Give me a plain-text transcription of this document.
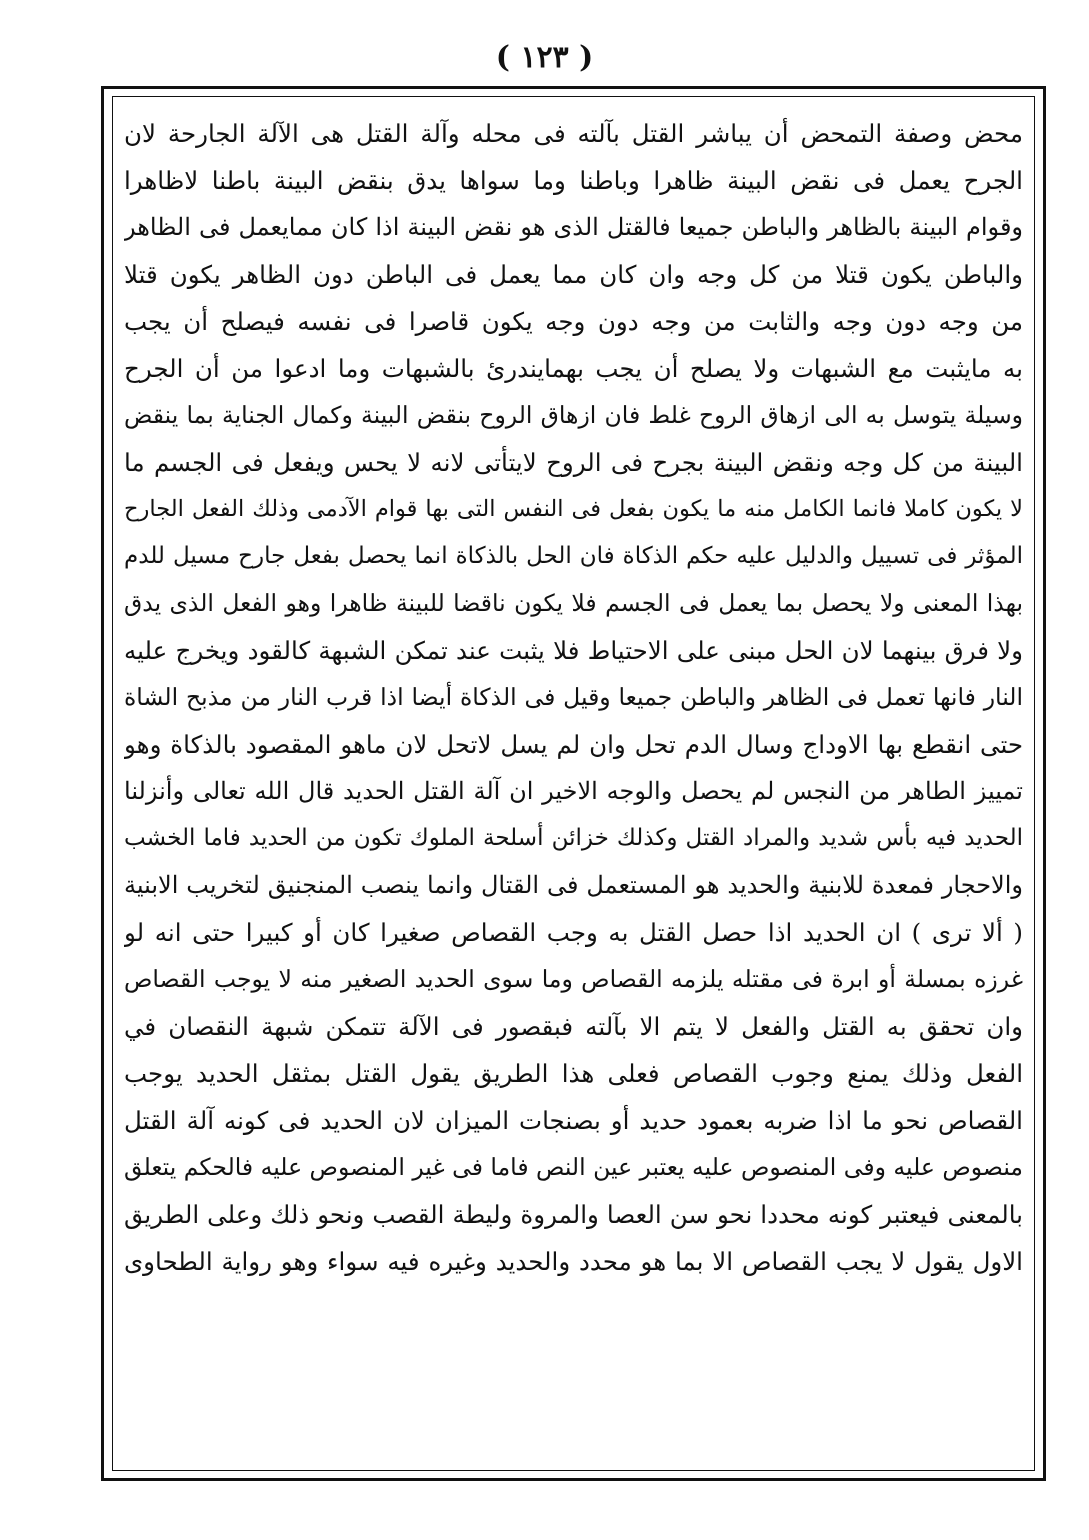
( ١٢٣ )
محض وصفة التمحض أن يباشر القتل بآلته فى محله وآلة القتل هى الآلة الجارحة لان
الجرح يعمل فى نقض البينة ظاهرا وباطنا وما سواها يدق بنقض البينة باطنا لاظاهرا
وقوام البينة بالظاهر والباطن جميعا فالقتل الذى هو نقض البينة اذا كان ممايعمل فى الظاهر
والباطن يكون قتلا من كل وجه وان كان مما يعمل فى الباطن دون الظاهر يكون قتلا
من وجه دون وجه والثابت من وجه دون وجه يكون قاصرا فى نفسه فيصلح أن يجب
به مايثبت مع الشبهات ولا يصلح أن يجب بهمايندرئ بالشبهات وما ادعوا من أن الجرح
وسيلة يتوسل به الى ازهاق الروح غلط فان ازهاق الروح بنقض البينة وكمال الجناية بما ينقض
البينة من كل وجه ونقض البينة بجرح فى الروح لايتأتى لانه لا يحس ويفعل فى الجسم ما
لا يكون كاملا فانما الكامل منه ما يكون بفعل فى النفس التى بها قوام الآدمى وذلك الفعل الجارح
المؤثر فى تسييل والدليل عليه حكم الذكاة فان الحل بالذكاة انما يحصل بفعل جارح مسيل للدم
بهذا المعنى ولا يحصل بما يعمل فى الجسم فلا يكون ناقضا للبينة ظاهرا وهو الفعل الذى يدق
ولا فرق بينهما لان الحل مبنى على الاحتياط فلا يثبت عند تمكن الشبهة كالقود ويخرج عليه
النار فانها تعمل فى الظاهر والباطن جميعا وقيل فى الذكاة أيضا اذا قرب النار من مذبح الشاة
حتى انقطع بها الاوداج وسال الدم تحل وان لم يسل لاتحل لان ماهو المقصود بالذكاة وهو
تمييز الطاهر من النجس لم يحصل والوجه الاخير ان آلة القتل الحديد قال الله تعالى وأنزلنا
الحديد فيه بأس شديد والمراد القتل وكذلك خزائن أسلحة الملوك تكون من الحديد فاما الخشب
والاحجار فمعدة للابنية والحديد هو المستعمل فى القتال وانما ينصب المنجنيق لتخريب الابنية
( ألا ترى ) ان الحديد اذا حصل القتل به وجب القصاص صغيرا كان أو كبيرا حتى انه لو
غرزه بمسلة أو ابرة فى مقتله يلزمه القصاص وما سوى الحديد الصغير منه لا يوجب القصاص
وان تحقق به القتل والفعل لا يتم الا بآلته فبقصور فى الآلة تتمكن شبهة النقصان في
الفعل وذلك يمنع وجوب القصاص فعلى هذا الطريق يقول القتل بمثقل الحديد يوجب
القصاص نحو ما اذا ضربه بعمود حديد أو بصنجات الميزان لان الحديد فى كونه آلة القتل
منصوص عليه وفى المنصوص عليه يعتبر عين النص فاما فى غير المنصوص عليه فالحكم يتعلق
بالمعنى فيعتبر كونه محددا نحو سن العصا والمروة وليطة القصب ونحو ذلك وعلى الطريق
الاول يقول لا يجب القصاص الا بما هو محدد والحديد وغيره فيه سواء وهو رواية الطحاوى
